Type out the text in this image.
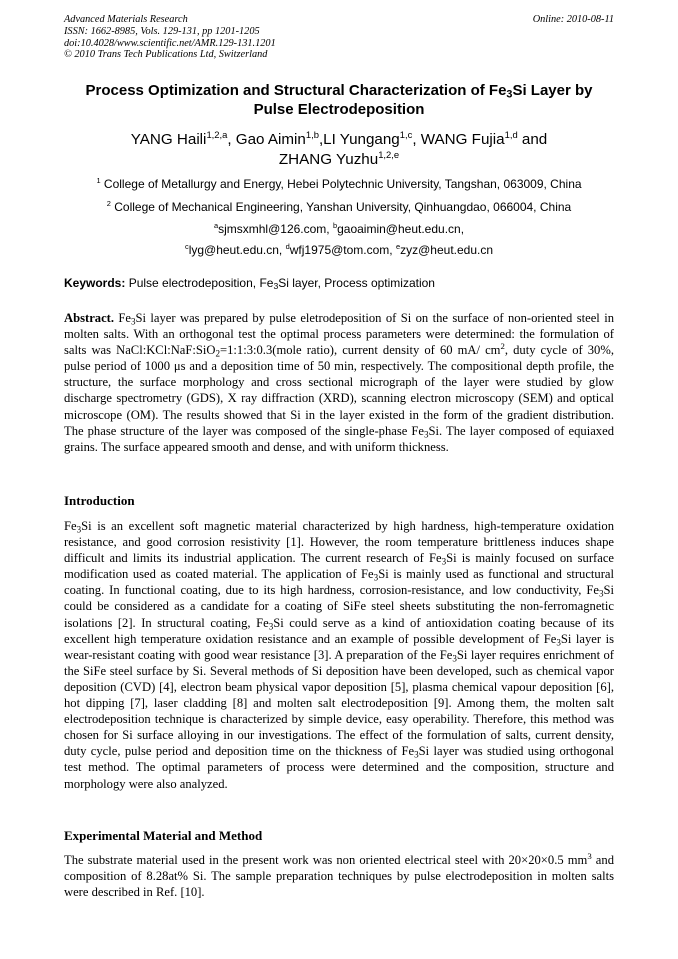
Advanced Materials Research
ISSN: 1662-8985, Vols. 129-131, pp 1201-1205
doi:10.4028/www.scientific.net/AMR.129-131.1201
© 2010 Trans Tech Publications Ltd, Switzerland
Online: 2010-08-11
Process Optimization and Structural Characterization of $Fe_3Si$ Layer by
Pulse Electrodeposition
YANG Haili$^{1,2,a}$, Gao Aimin$^{1,b}$,LI Yungang$^{1,c}$, WANG Fujia$^{1,d}$ and
ZHANG Yuzhu$^{1,2,e}$
$^1$ College of Metallurgy and Energy, Hebei Polytechnic University, Tangshan, 063009, China
$^2$ College of Mechanical Engineering, Yanshan University, Qinhuangdao, 066004, China
$^a$sjmsxmhl@126.com, $^b$gaoaimin@heut.edu.cn,
$^c$lyg@heut.edu.cn, $^d$wfj1975@tom.com, $^e$zyz@heut.edu.cn
Keywords: Pulse electrodeposition, $Fe_3Si$ layer, Process optimization
Abstract. $Fe_3Si$ layer was prepared by pulse eletrodeposition of Si on the surface of non-oriented steel in molten salts. With an orthogonal test the optimal process parameters were determined: the formulation of salts was NaCl:KCl:NaF:SiO$_2$=1:1:3:0.3(mole ratio), current density of 60 mA/ $cm^2$, duty cycle of 30%, pulse period of 1000 μs and a deposition time of 50 min, respectively. The compositional depth profile, the structure, the surface morphology and cross sectional micrograph of the layer were studied by glow discharge spectrometry (GDS), X ray diffraction (XRD), scanning electron microscopy (SEM) and optical microscope (OM). The results showed that Si in the layer existed in the form of the gradient distribution. The phase structure of the layer was composed of the single-phase $Fe_3Si$. The layer composed of equiaxed grains. The surface appeared smooth and dense, and with uniform thickness.
Introduction
$Fe_3Si$ is an excellent soft magnetic material characterized by high hardness, high-temperature oxidation resistance, and good corrosion resistivity [1]. However, the room temperature brittleness induces shape difficult and limits its industrial application. The current research of $Fe_3Si$ is mainly focused on surface modification used as coated material. The application of $Fe_3Si$ is mainly used as functional and structural coating. In functional coating, due to its high hardness, corrosion-resistance, and low conductivity, $Fe_3Si$ could be considered as a candidate for a coating of SiFe steel sheets substituting the non-ferromagnetic isolations [2]. In structural coating, $Fe_3Si$ could serve as a kind of antioxidation coating because of its excellent high temperature oxidation resistance and an example of possible development of $Fe_3Si$ layer is wear-resistant coating with good wear resistance [3]. A preparation of the $Fe_3Si$ layer requires enrichment of the SiFe steel surface by Si. Several methods of Si deposition have been developed, such as chemical vapor deposition (CVD) [4], electron beam physical vapor deposition [5], plasma chemical vapour deposition [6], hot dipping [7], laser cladding [8] and molten salt electrodeposition [9]. Among them, the molten salt electrodeposition technique is characterized by simple device, easy operability. Therefore, this method was chosen for Si surface alloying in our investigations. The effect of the formulation of salts, current density, duty cycle, pulse period and deposition time on the thickness of $Fe_3Si$ layer was studied using orthogonal test method. The optimal parameters of process were determined and the composition, structure and morphology were also analyzed.
Experimental Material and Method
The substrate material used in the present work was non oriented electrical steel with 20×20×0.5 $mm^3$ and composition of 8.28at% Si. The sample preparation techniques by pulse electrodeposition in molten salts were described in Ref. [10].
